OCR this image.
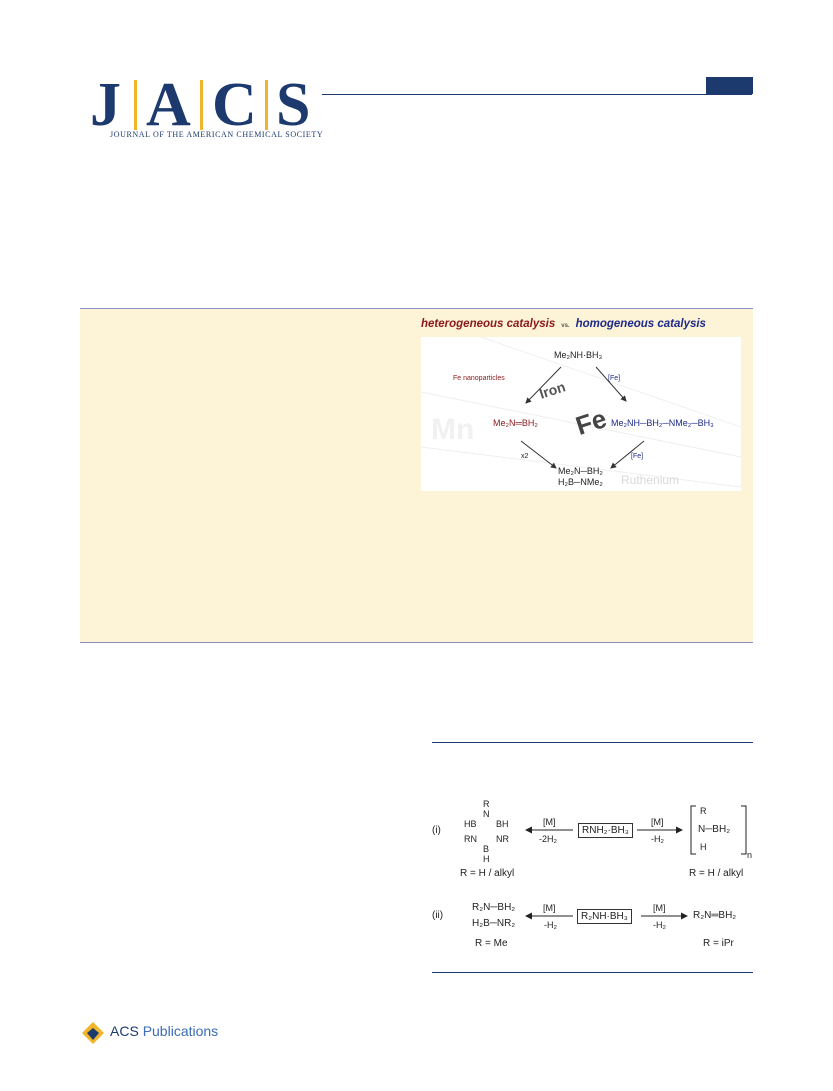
J A C S
JOURNAL OF THE AMERICAN CHEMICAL SOCIETY
heterogeneous catalysis vs. homogeneous catalysis
Mn
Ruthenium
Me₂NH·BH₃
Fe nanoparticles	[Fe]
Iron
Fe
Me₂N═BH₂	Me₂NH─BH₂─NMe₂─BH₃
x2	[Fe]
Me₂N─BH₂
H₂B─NMe₂
(i)
R
N
HB BH
RN NR
B
H
[M]
-2H₂
RNH₂·BH₃
[M]
-H₂
R
N─BH₂
H
n
R = H / alkyl	R = H / alkyl
(ii)
R₂N─BH₂
H₂B─NR₂
[M]
-H₂
R₂NH·BH₃
[M]
-H₂
R₂N═BH₂
R = Me	R = iPr
ACS Publications
